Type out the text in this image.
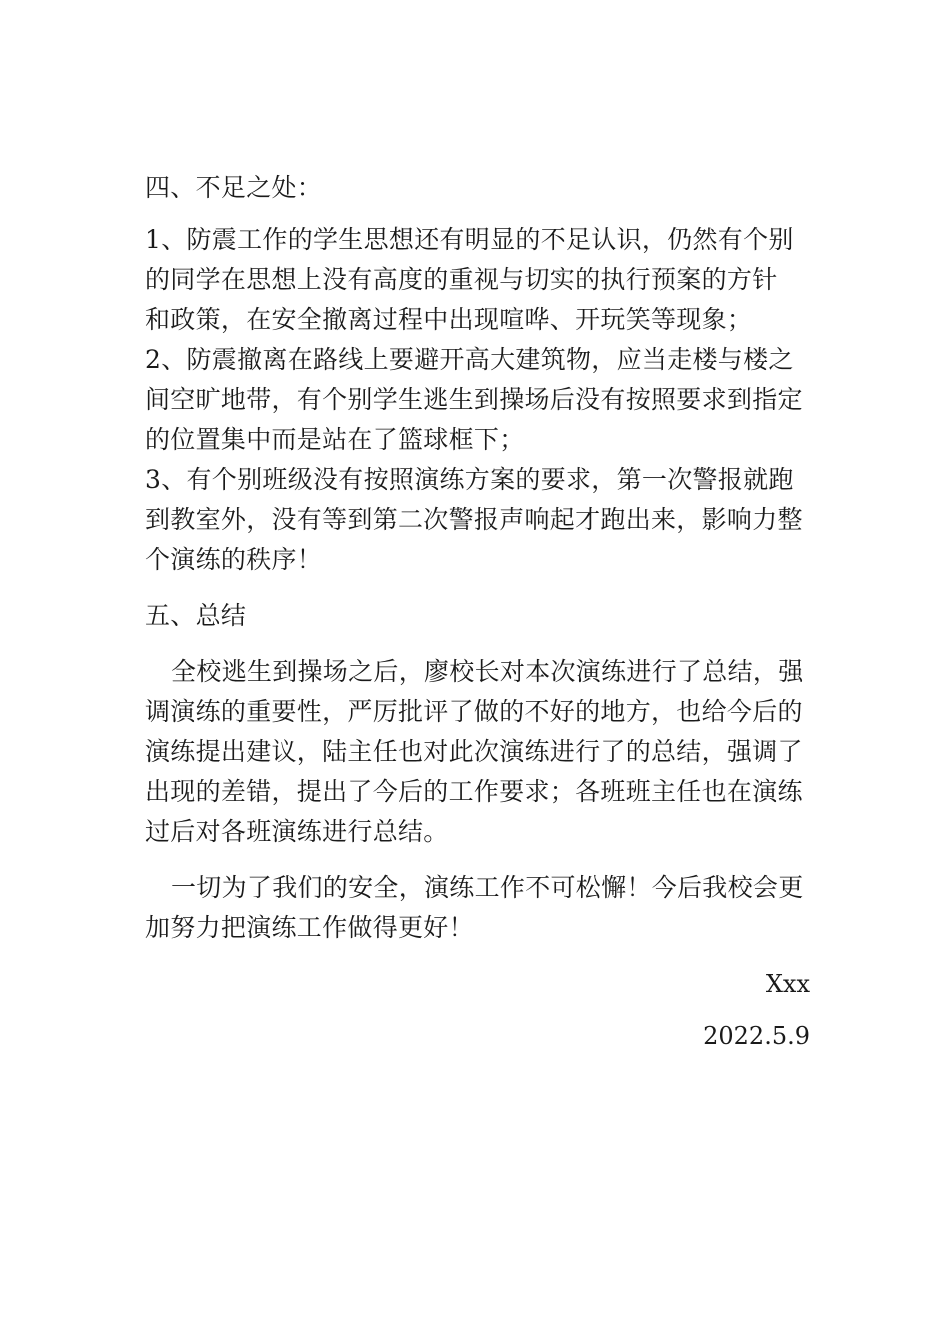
四、不足之处：
1、防震工作的学生思想还有明显的不足认识，仍然有个别
的同学在思想上没有高度的重视与切实的执行预案的方针
和政策，在安全撤离过程中出现喧哗、开玩笑等现象；
2、防震撤离在路线上要避开高大建筑物，应当走楼与楼之
间空旷地带，有个别学生逃生到操场后没有按照要求到指定
的位置集中而是站在了篮球框下；
3、有个别班级没有按照演练方案的要求，第一次警报就跑
到教室外，没有等到第二次警报声响起才跑出来，影响力整
个演练的秩序！
五、总结
全校逃生到操场之后，廖校长对本次演练进行了总结，强
调演练的重要性，严厉批评了做的不好的地方，也给今后的
演练提出建议，陆主任也对此次演练进行了的总结，强调了
出现的差错，提出了今后的工作要求；各班班主任也在演练
过后对各班演练进行总结。
一切为了我们的安全，演练工作不可松懈！今后我校会更
加努力把演练工作做得更好！
Xxx
2022.5.9
